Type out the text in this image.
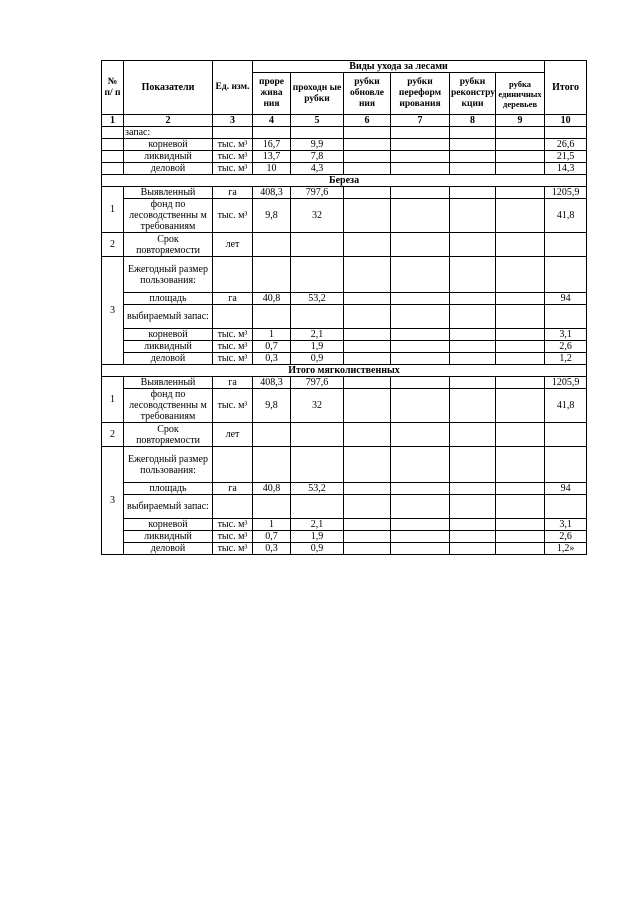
№ п/ п	Показатели	Ед. изм.	Виды ухода за лесами						Итого
			проре жива ния	проходн ые рубки	рубки обновле ния	рубки переформ ирования	рубки реконстру кции	рубка единичных деревьев	
1	2	3	4	5	6	7	8	9	10
	запас:								
	корневой	тыс. м³	16,7	9,9					26,6
	ликвидный	тыс. м³	13,7	7,8					21,5
	деловой	тыс. м³	10	4,3					14,3
Береза									
1	Выявленный	га	408,3	797,6					1205,9
	фонд по лесоводственны м требованиям	тыс. м³	9,8	32					41,8
2	Срок повторяемости	лет							
3	Ежегодный размер пользования:								
	площадь	га	40,8	53,2					94
	выбираемый запас:								
	корневой	тыс. м³	1	2,1					3,1
	ликвидный	тыс. м³	0,7	1,9					2,6
	деловой	тыс. м³	0,3	0,9					1,2
Итого мягколиственных									
1	Выявленный	га	408,3	797,6					1205,9
	фонд по лесоводственны м требованиям	тыс. м³	9,8	32					41,8
2	Срок повторяемости	лет							
3	Ежегодный размер пользования:								
	площадь	га	40,8	53,2					94
	выбираемый запас:								
	корневой	тыс. м³	1	2,1					3,1
	ликвидный	тыс. м³	0,7	1,9					2,6
	деловой	тыс. м³	0,3	0,9					1,2»
